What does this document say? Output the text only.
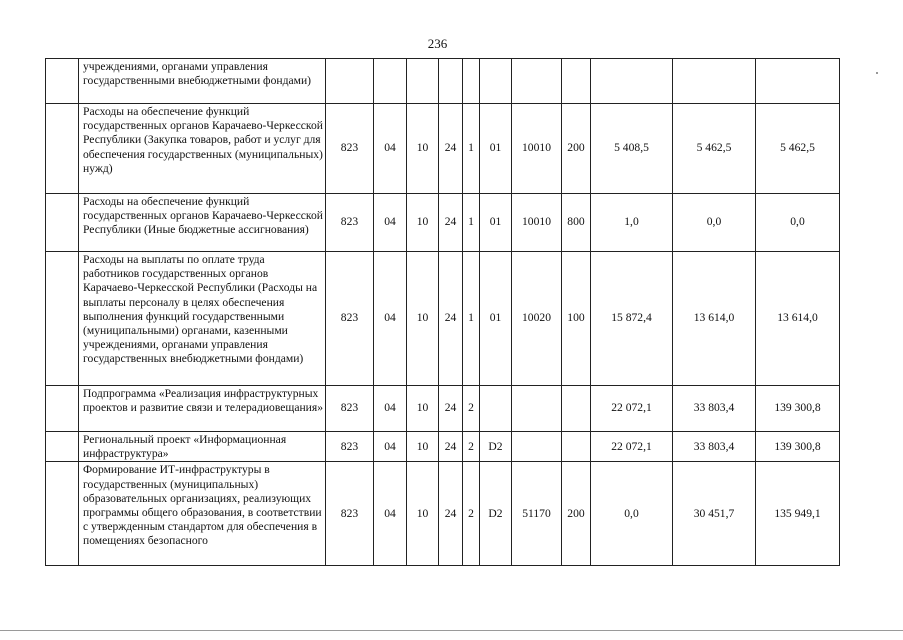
236
	учреждениями, органами управления государственными внебюджетными фондами)											
	Расходы на обеспечение функций государственных органов Карачаево-Черкесской Республики (Закупка товаров, работ и услуг для обеспечения государственных (муниципальных) нужд)	823	04	10	24	1	01	10010	200	5 408,5	5 462,5	5 462,5
	Расходы на обеспечение функций государственных органов Карачаево-Черкесской Республики (Иные бюджетные ассигнования)	823	04	10	24	1	01	10010	800	1,0	0,0	0,0
	Расходы на выплаты по оплате труда работников государственных органов Карачаево-Черкесской Республики (Расходы на выплаты персоналу в целях обеспечения выполнения функций государственными (муниципальными) органами, казенными учреждениями, органами управления государственных внебюджетными фондами)	823	04	10	24	1	01	10020	100	15 872,4	13 614,0	13 614,0
	Подпрограмма «Реализация инфраструктурных проектов и развитие связи и телерадиовещания»	823	04	10	24	2				22 072,1	33 803,4	139 300,8
	Региональный проект «Информационная инфраструктура»	823	04	10	24	2	D2			22 072,1	33 803,4	139 300,8
	Формирование ИТ-инфраструктуры в государственных (муниципальных) образовательных организациях, реализующих программы общего образования, в соответствии с утвержденным стандартом для обеспечения в помещениях безопасного	823	04	10	24	2	D2	51170	200	0,0	30 451,7	135 949,1
